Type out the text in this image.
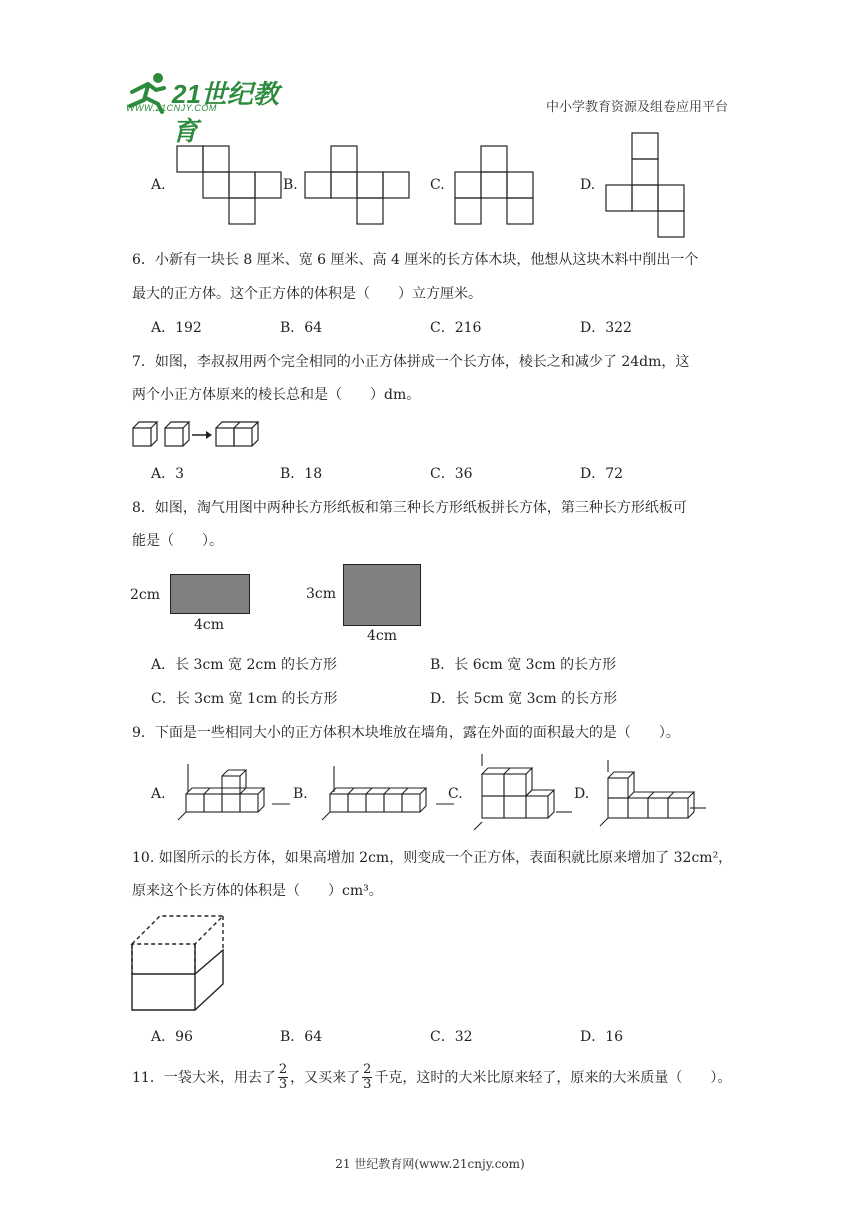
21世纪教育
WWW.21CNJY.COM	中小学教育资源及组卷应用平台
A.	B.	C.	D.
6．小新有一块长 8 厘米、宽 6 厘米、高 4 厘米的长方体木块，他想从这块木料中削出一个
最大的正方体。这个正方体的体积是（　　）立方厘米。
A．192	B．64	C．216	D．322
7．如图，李叔叔用两个完全相同的小正方体拼成一个长方体，棱长之和减少了 24dm，这
两个小正方体原来的棱长总和是（　　）dm。
A．3	B．18	C．36	D．72
8．如图，淘气用图中两种长方形纸板和第三种长方形纸板拼长方体，第三种长方形纸板可
能是（　　）。
2cm
4cm
3cm
4cm
A．长 3cm 宽 2cm 的长方形	B．长 6cm 宽 3cm 的长方形
C．长 3cm 宽 1cm 的长方形	D．长 5cm 宽 3cm 的长方形
9．下面是一些相同大小的正方体积木块堆放在墙角，露在外面的面积最大的是（　　）。
A.	B.	C.	D.
10. 如图所示的长方体，如果高增加 2cm，则变成一个正方体，表面积就比原来增加了 32cm²，
原来这个长方体的体积是（　　）cm³。
A．96	B．64	C．32	D．16
11．一袋大米，用去了 $\frac{2}{3}$ ，又买来了 $\frac{2}{3}$ 千克，这时的大米比原来轻了，原来的大米质量（　　）。
21 世纪教育网(www.21cnjy.com)
